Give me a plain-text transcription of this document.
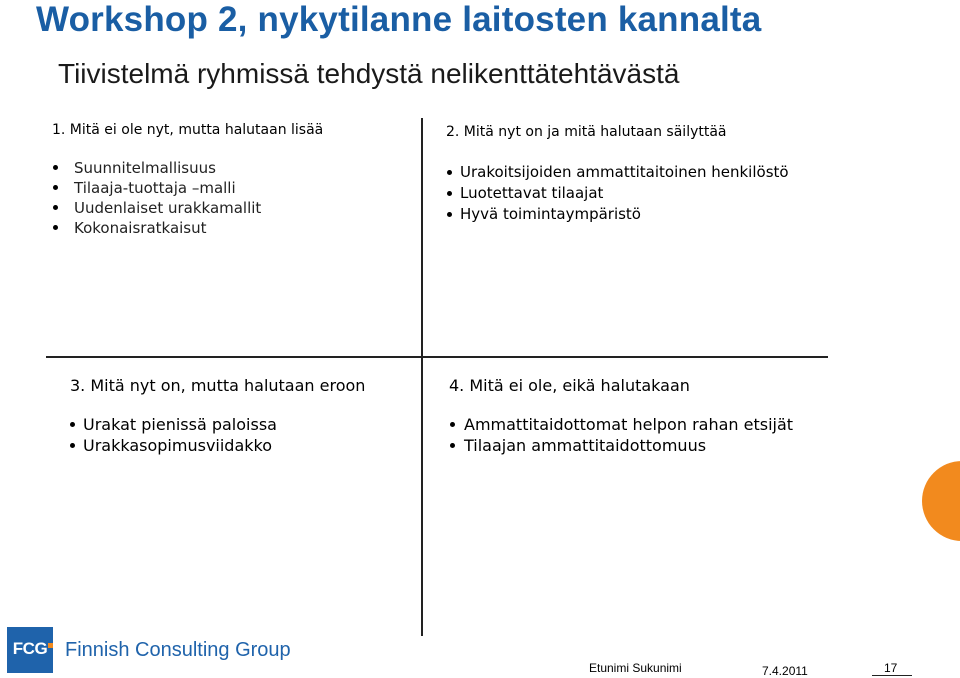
Workshop 2, nykytilanne laitosten kannalta
Tiivistelmä ryhmissä tehdystä nelikenttätehtävästä

1. Mitä ei ole nyt, mutta halutaan lisää

Suunnitelmallisuus
Tilaaja-tuottaja –malli
Uudenlaiset urakkamallit
Kokonaisratkaisut

2. Mitä nyt on ja mitä halutaan säilyttää

Urakoitsijoiden ammattitaitoinen henkilöstö
Luotettavat tilaajat
Hyvä toimintaympäristö

3. Mitä nyt on, mutta halutaan eroon

Urakat pienissä paloissa
Urakkasopimusviidakko

4. Mitä ei ole, eikä halutakaan

Ammattitaidottomat helpon rahan etsijät
Tilaajan ammattitaidottomuus
FCG Finnish Consulting Group
Etunimi Sukunimi	7.4.2011	17
